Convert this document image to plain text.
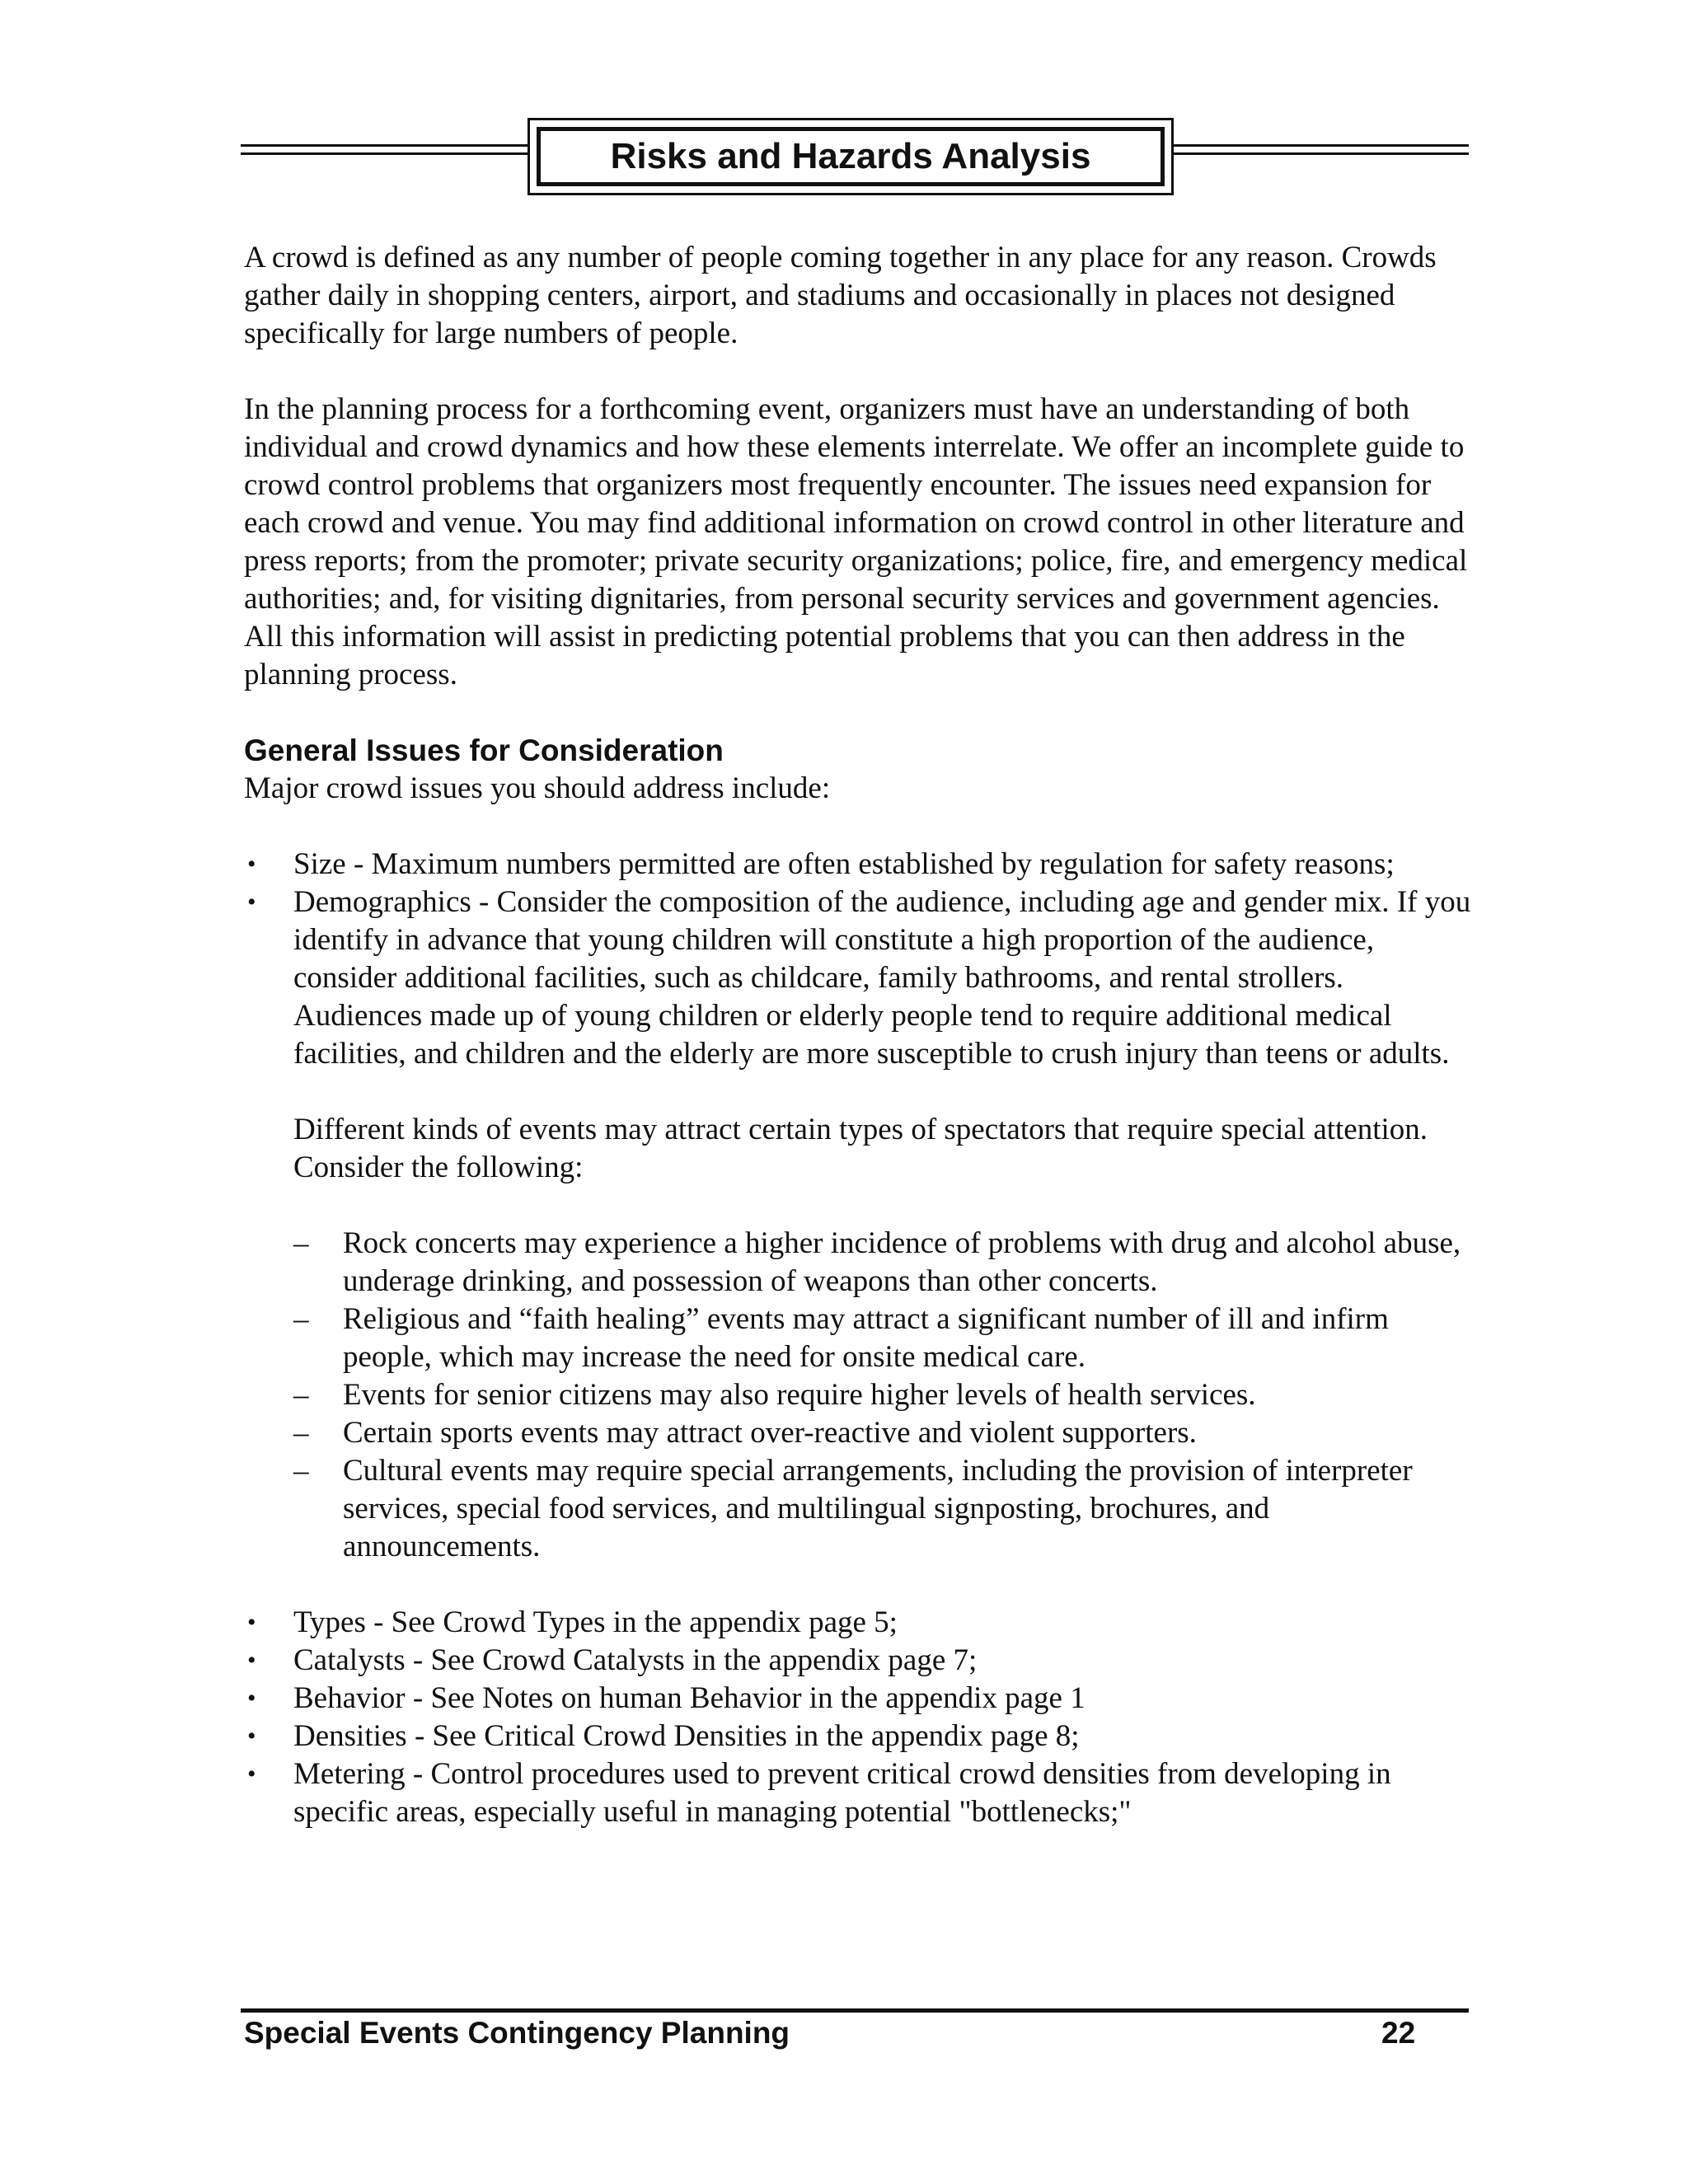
Risks and Hazards Analysis

A crowd is defined as any number of people coming together in any place for any reason. Crowds gather daily in shopping centers, airport, and stadiums and occasionally in places not designed specifically for large numbers of people.

In the planning process for a forthcoming event, organizers must have an understanding of both individual and crowd dynamics and how these elements interrelate. We offer an incomplete guide to crowd control problems that organizers most frequently encounter. The issues need expansion for each crowd and venue. You may find additional information on crowd control in other literature and press reports; from the promoter; private security organizations; police, fire, and emergency medical authorities; and, for visiting dignitaries, from personal security services and government agencies. All this information will assist in predicting potential problems that you can then address in the planning process.

General Issues for Consideration

Major crowd issues you should address include:

• Size - Maximum numbers permitted are often established by regulation for safety reasons;
• Demographics - Consider the composition of the audience, including age and gender mix. If you identify in advance that young children will constitute a high proportion of the audience, consider additional facilities, such as childcare, family bathrooms, and rental strollers. Audiences made up of young children or elderly people tend to require additional medical facilities, and children and the elderly are more susceptible to crush injury than teens or adults.

Different kinds of events may attract certain types of spectators that require special attention. Consider the following:

– Rock concerts may experience a higher incidence of problems with drug and alcohol abuse, underage drinking, and possession of weapons than other concerts.
– Religious and “faith healing” events may attract a significant number of ill and infirm people, which may increase the need for onsite medical care.
– Events for senior citizens may also require higher levels of health services.
– Certain sports events may attract over-reactive and violent supporters.
– Cultural events may require special arrangements, including the provision of interpreter services, special food services, and multilingual signposting, brochures, and announcements.
• Types - See Crowd Types in the appendix page 5;
• Catalysts - See Crowd Catalysts in the appendix page 7;
• Behavior - See Notes on human Behavior in the appendix page 1
• Densities - See Critical Crowd Densities in the appendix page 8;
• Metering - Control procedures used to prevent critical crowd densities from developing in specific areas, especially useful in managing potential "bottlenecks;"
Special Events Contingency Planning	22
